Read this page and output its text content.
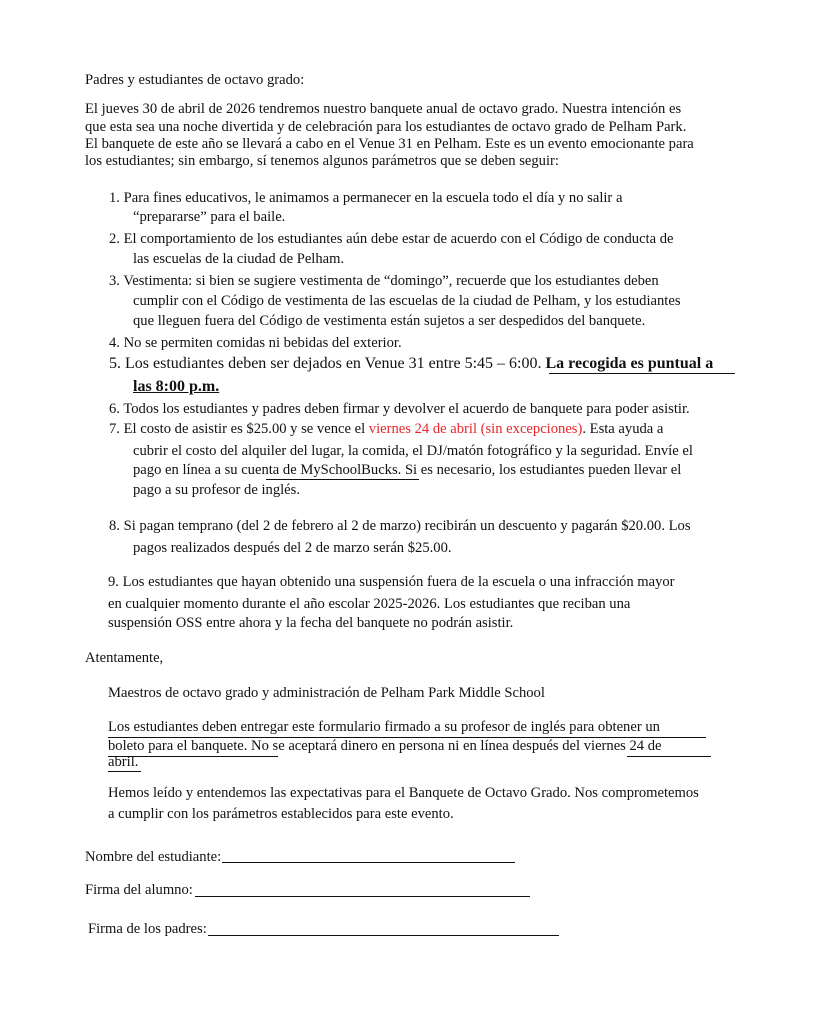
Padres y estudiantes de octavo grado:
El jueves 30 de abril de 2026 tendremos nuestro banquete anual de octavo grado. Nuestra intención es
que esta sea una noche divertida y de celebración para los estudiantes de octavo grado de Pelham Park.
El banquete de este año se llevará a cabo en el Venue 31 en Pelham. Este es un evento emocionante para
los estudiantes; sin embargo, sí tenemos algunos parámetros que se deben seguir:
1. Para fines educativos, le animamos a permanecer en la escuela todo el día y no salir a
“prepararse” para el baile.
2. El comportamiento de los estudiantes aún debe estar de acuerdo con el Código de conducta de
las escuelas de la ciudad de Pelham.
3. Vestimenta: si bien se sugiere vestimenta de “domingo”, recuerde que los estudiantes deben
cumplir con el Código de vestimenta de las escuelas de la ciudad de Pelham, y los estudiantes
que lleguen fuera del Código de vestimenta están sujetos a ser despedidos del banquete.
4. No se permiten comidas ni bebidas del exterior.
5. Los estudiantes deben ser dejados en Venue 31 entre 5:45 – 6:00. La recogida es puntual a
las 8:00 p.m.
6. Todos los estudiantes y padres deben firmar y devolver el acuerdo de banquete para poder asistir.
7. El costo de asistir es $25.00 y se vence el viernes 24 de abril (sin excepciones). Esta ayuda a
cubrir el costo del alquiler del lugar, la comida, el DJ/matón fotográfico y la seguridad. Envíe el
pago en línea a su cuenta de MySchoolBucks. Si es necesario, los estudiantes pueden llevar el
pago a su profesor de inglés.
8. Si pagan temprano (del 2 de febrero al 2 de marzo) recibirán un descuento y pagarán $20.00. Los
pagos realizados después del 2 de marzo serán $25.00.
9. Los estudiantes que hayan obtenido una suspensión fuera de la escuela o una infracción mayor
en cualquier momento durante el año escolar 2025-2026. Los estudiantes que reciban una
suspensión OSS entre ahora y la fecha del banquete no podrán asistir.
Atentamente,
Maestros de octavo grado y administración de Pelham Park Middle School
Los estudiantes deben entregar este formulario firmado a su profesor de inglés para obtener un
boleto para el banquete. No se aceptará dinero en persona ni en línea después del viernes 24 de
abril.
Hemos leído y entendemos las expectativas para el Banquete de Octavo Grado. Nos comprometemos
a cumplir con los parámetros establecidos para este evento.
Nombre del estudiante:
Firma del alumno:
Firma de los padres:
